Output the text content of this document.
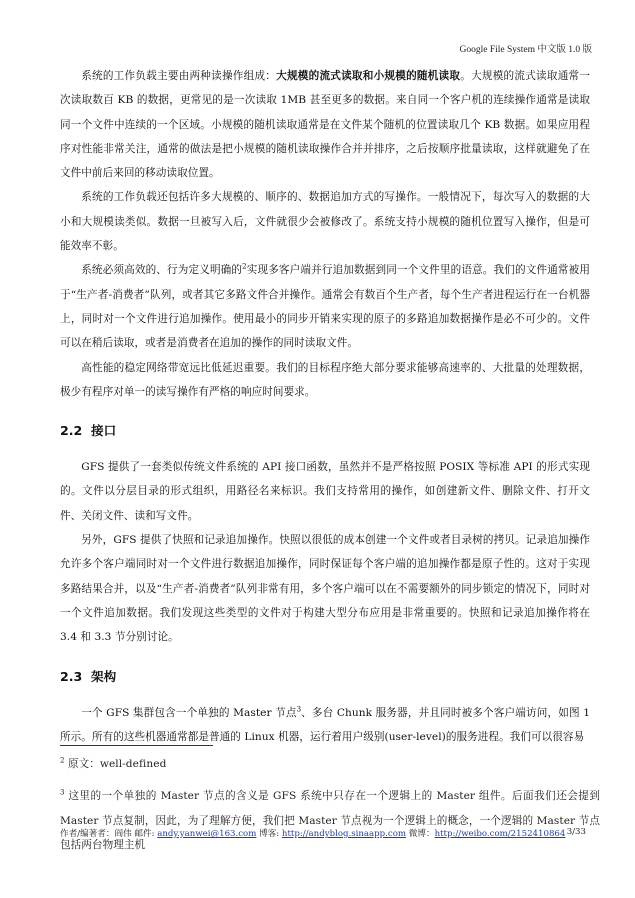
Google File System 中文版 1.0 版

系统的工作负载主要由两种读操作组成：大规模的流式读取和小规模的随机读取。大规模的流式读取通常一次读取数百 KB 的数据，更常见的是一次读取 1MB 甚至更多的数据。来自同一个客户机的连续操作通常是读取同一个文件中连续的一个区域。小规模的随机读取通常是在文件某个随机的位置读取几个 KB 数据。如果应用程序对性能非常关注，通常的做法是把小规模的随机读取操作合并并排序，之后按顺序批量读取，这样就避免了在文件中前后来回的移动读取位置。

系统的工作负载还包括许多大规模的、顺序的、数据追加方式的写操作。一般情况下，每次写入的数据的大小和大规模读类似。数据一旦被写入后，文件就很少会被修改了。系统支持小规模的随机位置写入操作，但是可能效率不彰。

系统必须高效的、行为定义明确的$^2$实现多客户端并行追加数据到同一个文件里的语意。我们的文件通常被用于“生产者-消费者”队列，或者其它多路文件合并操作。通常会有数百个生产者，每个生产者进程运行在一台机器上，同时对一个文件进行追加操作。使用最小的同步开销来实现的原子的多路追加数据操作是必不可少的。文件可以在稍后读取，或者是消费者在追加的操作的同时读取文件。

高性能的稳定网络带宽远比低延迟重要。我们的目标程序绝大部分要求能够高速率的、大批量的处理数据，极少有程序对单一的读写操作有严格的响应时间要求。

2.2 接口

GFS 提供了一套类似传统文件系统的 API 接口函数，虽然并不是严格按照 POSIX 等标准 API 的形式实现的。文件以分层目录的形式组织，用路径名来标识。我们支持常用的操作，如创建新文件、删除文件、打开文件、关闭文件、读和写文件。

另外，GFS 提供了快照和记录追加操作。快照以很低的成本创建一个文件或者目录树的拷贝。记录追加操作允许多个客户端同时对一个文件进行数据追加操作，同时保证每个客户端的追加操作都是原子性的。这对于实现多路结果合并，以及“生产者-消费者”队列非常有用，多个客户端可以在不需要额外的同步锁定的情况下，同时对一个文件追加数据。我们发现这些类型的文件对于构建大型分布应用是非常重要的。快照和记录追加操作将在 3.4 和 3.3 节分别讨论。

2.3 架构

一个 GFS 集群包含一个单独的 Master 节点$^3$、多台 Chunk 服务器，并且同时被多个客户端访问，如图 1 所示。所有的这些机器通常都是普通的 Linux 机器，运行着用户级别(user-level)的服务进程。我们可以很容易

$^2$ 原文：well-defined

$^3$ 这里的一个单独的 Master 节点的含义是 GFS 系统中只存在一个逻辑上的 Master 组件。后面我们还会提到 Master 节点复制，因此，为了理解方便，我们把 Master 节点视为一个逻辑上的概念，一个逻辑的 Master 节点包括两台物理主机

作者/编著者：阎伟 邮件: andy.yanwei@163.com 博客: http://andyblog.sinaapp.com 微博：http://weibo.com/2152410864 3/33
